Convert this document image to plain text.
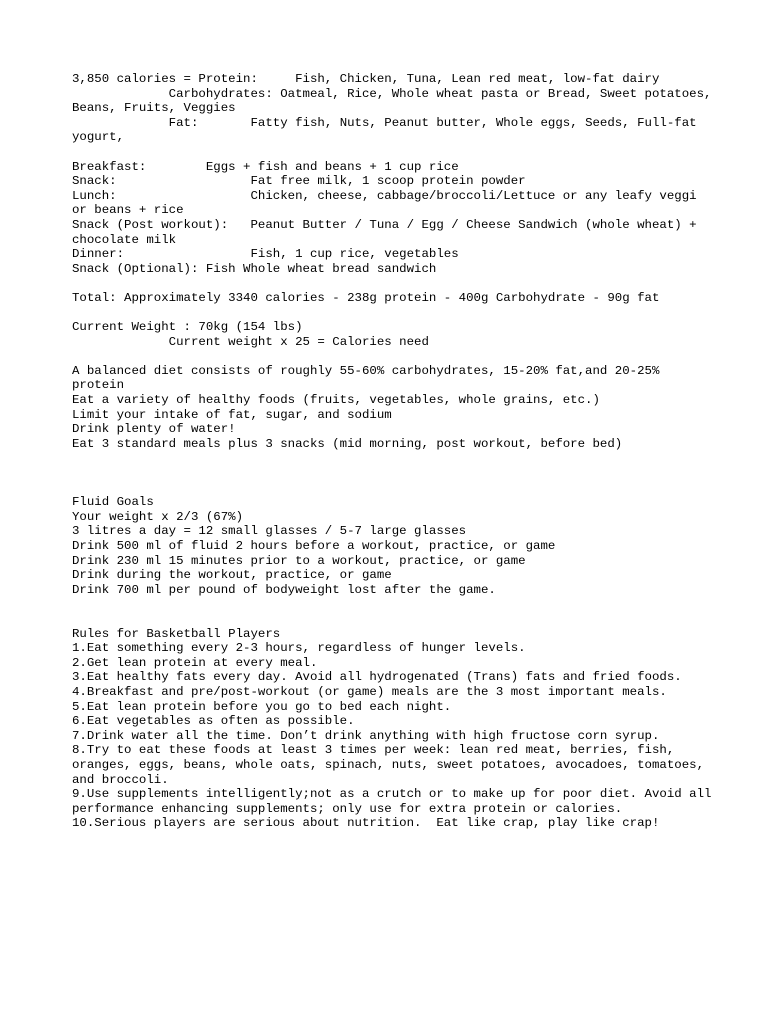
3,850 calories = Protein:     Fish, Chicken, Tuna, Lean red meat, low-fat dairy

Carbohydrates: Oatmeal, Rice, Whole wheat pasta or Bread, Sweet potatoes, Beans, Fruits, Veggies

Fat:       Fatty fish, Nuts, Peanut butter, Whole eggs, Seeds, Full-fat yogurt,

Breakfast:        Eggs + fish and beans + 1 cup rice

Snack:                  Fat free milk, 1 scoop protein powder

Lunch:                  Chicken, cheese, cabbage/broccoli/Lettuce or any leafy veggi or beans + rice

Snack (Post workout):   Peanut Butter / Tuna / Egg / Cheese Sandwich (whole wheat) + chocolate milk

Dinner:                 Fish, 1 cup rice, vegetables

Snack (Optional): Fish Whole wheat bread sandwich

Total: Approximately 3340 calories - 238g protein - 400g Carbohydrate - 90g fat

Current Weight : 70kg (154 lbs)

Current weight x 25 = Calories need

A balanced diet consists of roughly 55-60% carbohydrates, 15-20% fat,and 20-25% protein

Eat a variety of healthy foods (fruits, vegetables, whole grains, etc.)

Limit your intake of fat, sugar, and sodium

Drink plenty of water!

Eat 3 standard meals plus 3 snacks (mid morning, post workout, before bed)

Fluid Goals

Your weight x 2/3 (67%)

3 litres a day = 12 small glasses / 5-7 large glasses

Drink 500 ml of fluid 2 hours before a workout, practice, or game

Drink 230 ml 15 minutes prior to a workout, practice, or game

Drink during the workout, practice, or game

Drink 700 ml per pound of bodyweight lost after the game.

Rules for Basketball Players

1.Eat something every 2-3 hours, regardless of hunger levels.

2.Get lean protein at every meal.

3.Eat healthy fats every day. Avoid all hydrogenated (Trans) fats and fried foods.

4.Breakfast and pre/post-workout (or game) meals are the 3 most important meals.

5.Eat lean protein before you go to bed each night.

6.Eat vegetables as often as possible.

7.Drink water all the time. Don’t drink anything with high fructose corn syrup.

8.Try to eat these foods at least 3 times per week: lean red meat, berries, fish, oranges, eggs, beans, whole oats, spinach, nuts, sweet potatoes, avocadoes, tomatoes, and broccoli.

9.Use supplements intelligently;not as a crutch or to make up for poor diet. Avoid all performance enhancing supplements; only use for extra protein or calories.

10.Serious players are serious about nutrition.  Eat like crap, play like crap!
